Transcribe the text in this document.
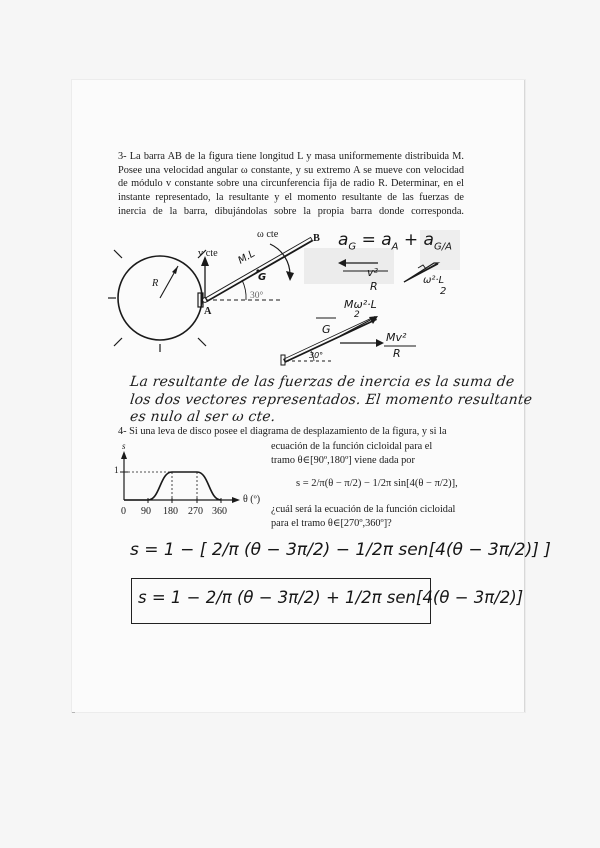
3- La barra AB de la figura tiene longitud L y masa uniformemente distribuida M.
Posee una velocidad angular ω constante, y su extremo A se mueve con velocidad
de módulo v constante sobre una circunferencia fija de radio R. Determinar, en el
instante representado, la resultante y el momento resultante de las fuerzas de
inercia de la barra, dibujándolas sobre la propia barra donde corresponda.
ω cte
v cte
R
A
B
M.L
G
30°
$a_G = a_A + a_{G/A}$
v²
R	ω²·L
2
Mω²·L
2
G
Mv²
R
30°
La resultante de las fuerzas de inercia es la suma de
los dos vectores representados. El momento resultante
es nulo al ser ω cte.
4- Si una leva de disco posee el diagrama de desplazamiento de la figura, y si la
ecuación de la función cicloidal para el
tramo θ∈[90º,180º] viene dada por
s = 2/π(θ − π/2) − 1/2π sin[4(θ − π/2)],
¿cuál será la ecuación de la función cicloidal
para el tramo θ∈[270º,360º]?
s
1
θ (º)
0 90 180 270 360
s = 1 − [ 2/π (θ − 3π/2) − 1/2π sen[4(θ − 3π/2)] ]
s = 1 − 2/π (θ − 3π/2) + 1/2π sen[4(θ − 3π/2)]
